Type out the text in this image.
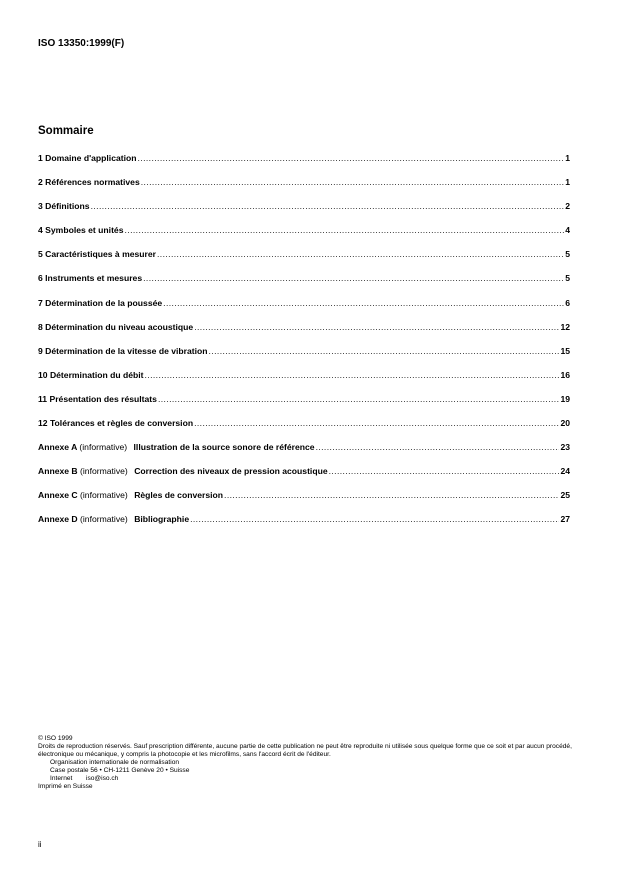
ISO 13350:1999(F)
Sommaire
1 Domaine d'application .....	1
2 Références normatives .....	1
3 Définitions .....	2
4 Symboles et unités .....	4
5 Caractéristiques à mesurer .....	5
6 Instruments et mesures .....	5
7 Détermination de la poussée .....	6
8 Détermination du niveau acoustique .....	12
9 Détermination de la vitesse de vibration .....	15
10 Détermination du débit .....	16
11 Présentation des résultats .....	19
12 Tolérances et règles de conversion .....	20
Annexe A (informative) Illustration de la source sonore de référence .....	23
Annexe B (informative) Correction des niveaux de pression acoustique .....	24
Annexe C (informative) Règles de conversion .....	25
Annexe D (informative) Bibliographie .....	27

© ISO 1999

Droits de reproduction réservés. Sauf prescription différente, aucune partie de cette publication ne peut être reproduite ni utilisée sous quelque forme que ce soit et par aucun procédé, électronique ou mécanique, y compris la photocopie et les microfilms, sans l'accord écrit de l'éditeur.

Organisation internationale de normalisation

Case postale 56 • CH-1211 Genève 20 • Suisse

Internet iso@iso.ch

Imprimé en Suisse

ii
